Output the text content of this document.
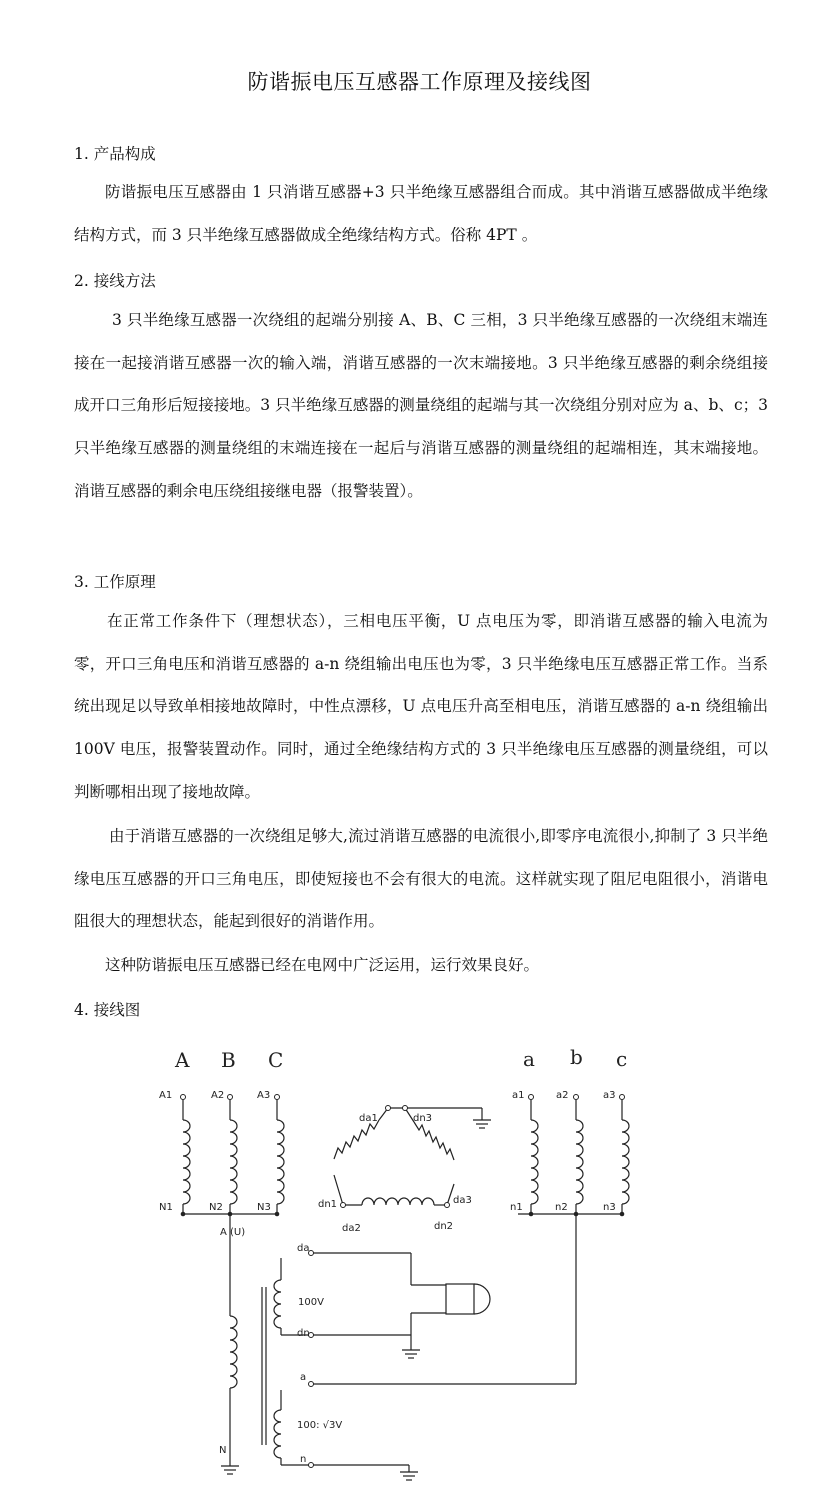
防谐振电压互感器工作原理及接线图
1. 产品构成
防谐振电压互感器由 1 只消谐互感器+3 只半绝缘互感器组合而成。其中消谐互感器做成半绝缘结构方式，而 3 只半绝缘互感器做成全绝缘结构方式。俗称 4PT 。
2. 接线方法
3 只半绝缘互感器一次绕组的起端分别接 A、B、C 三相，3 只半绝缘互感器的一次绕组末端连接在一起接消谐互感器一次的输入端，消谐互感器的一次末端接地。3 只半绝缘互感器的剩余绕组接成开口三角形后短接接地。3 只半绝缘互感器的测量绕组的起端与其一次绕组分别对应为 a、b、c；3 只半绝缘互感器的测量绕组的末端连接在一起后与消谐互感器的测量绕组的起端相连，其末端接地。消谐互感器的剩余电压绕组接继电器（报警装置）。
3. 工作原理
在正常工作条件下（理想状态），三相电压平衡，U 点电压为零，即消谐互感器的输入电流为零，开口三角电压和消谐互感器的 a-n 绕组输出电压也为零，3 只半绝缘电压互感器正常工作。当系统出现足以导致单相接地故障时，中性点漂移，U 点电压升高至相电压，消谐互感器的 a-n 绕组输出 100V 电压，报警装置动作。同时，通过全绝缘结构方式的 3 只半绝缘电压互感器的测量绕组，可以判断哪相出现了接地故障。
由于消谐互感器的一次绕组足够大,流过消谐互感器的电流很小,即零序电流很小,抑制了 3 只半绝缘电压互感器的开口三角电压，即使短接也不会有很大的电流。这样就实现了阻尼电阻很小，消谐电阻很大的理想状态，能起到很好的消谐作用。
这种防谐振电压互感器已经在电网中广泛运用，运行效果良好。
4. 接线图
A B C	a b c
A1	A2	A3
N1	N2	N3
a1	a2	a3
n1	n2	n3
da1	dn3
dn1	da3
da2	dn2
A (U)
N
da
dn
100V
a
n
100: √3V
